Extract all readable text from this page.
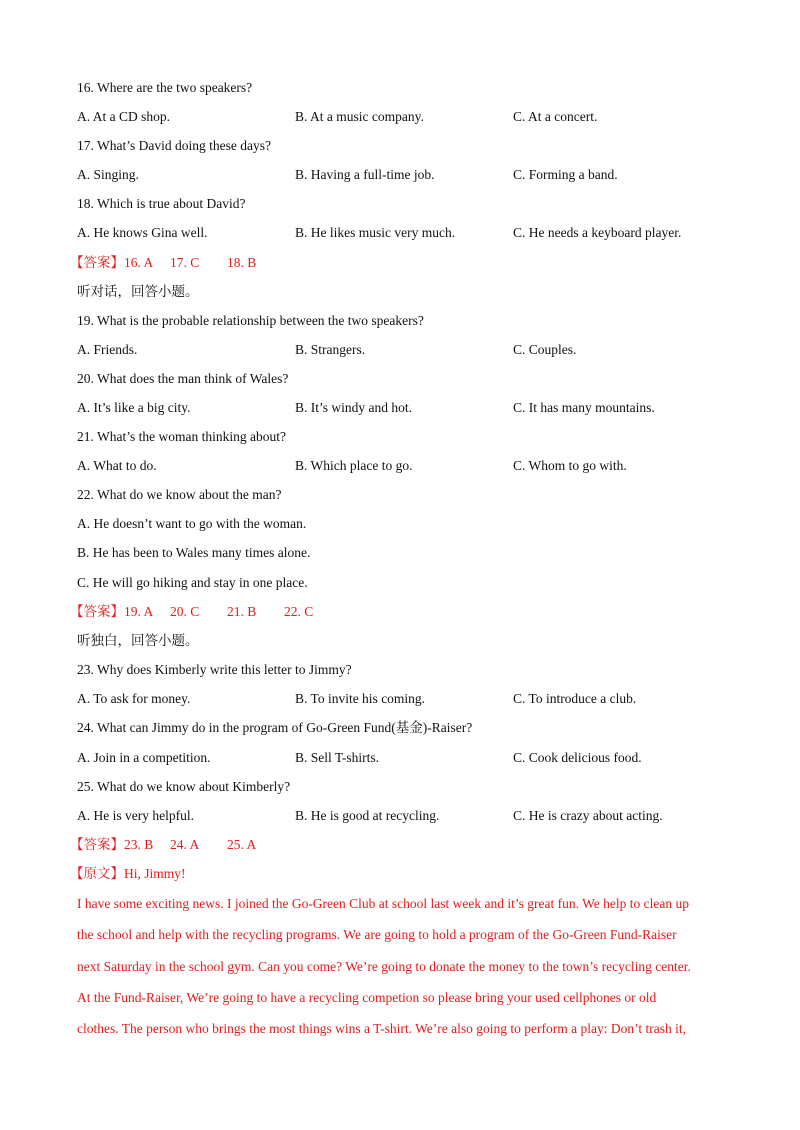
16. Where are the two speakers?
A. At a CD shop.	B. At a music company.	C. At a concert.
17. What’s David doing these days?
A. Singing.	B. Having a full-time job.	C. Forming a band.
18. Which is true about David?
A. He knows Gina well.	B. He likes music very much.	C. He needs a keyboard player.
【答案】16. A 17. C 18. B
听对话，回答小题。
19. What is the probable relationship between the two speakers?
A. Friends.	B. Strangers.	C. Couples.
20. What does the man think of Wales?
A. It’s like a big city.	B. It’s windy and hot.	C. It has many mountains.
21. What’s the woman thinking about?
A. What to do.	B. Which place to go.	C. Whom to go with.
22. What do we know about the man?
A. He doesn’t want to go with the woman.
B. He has been to Wales many times alone.
C. He will go hiking and stay in one place.
【答案】19. A 20. C 21. B 22. C
听独白，回答小题。
23. Why does Kimberly write this letter to Jimmy?
A. To ask for money.	B. To invite his coming.	C. To introduce a club.
24. What can Jimmy do in the program of Go-Green Fund(基金)-Raiser?
A. Join in a competition.	B. Sell T-shirts.	C. Cook delicious food.
25. What do we know about Kimberly?
A. He is very helpful.	B. He is good at recycling.	C. He is crazy about acting.
【答案】23. B 24. A 25. A
【原文】Hi, Jimmy!
I have some exciting news. I joined the Go-Green Club at school last week and it’s great fun. We help to clean up
the school and help with the recycling programs. We are going to hold a program of the Go-Green Fund-Raiser
next Saturday in the school gym. Can you come? We’re going to donate the money to the town’s recycling center.
At the Fund-Raiser, We’re going to have a recycling competion so please bring your used cellphones or old
clothes. The person who brings the most things wins a T-shirt. We’re also going to perform a play: Don’t trash it,
